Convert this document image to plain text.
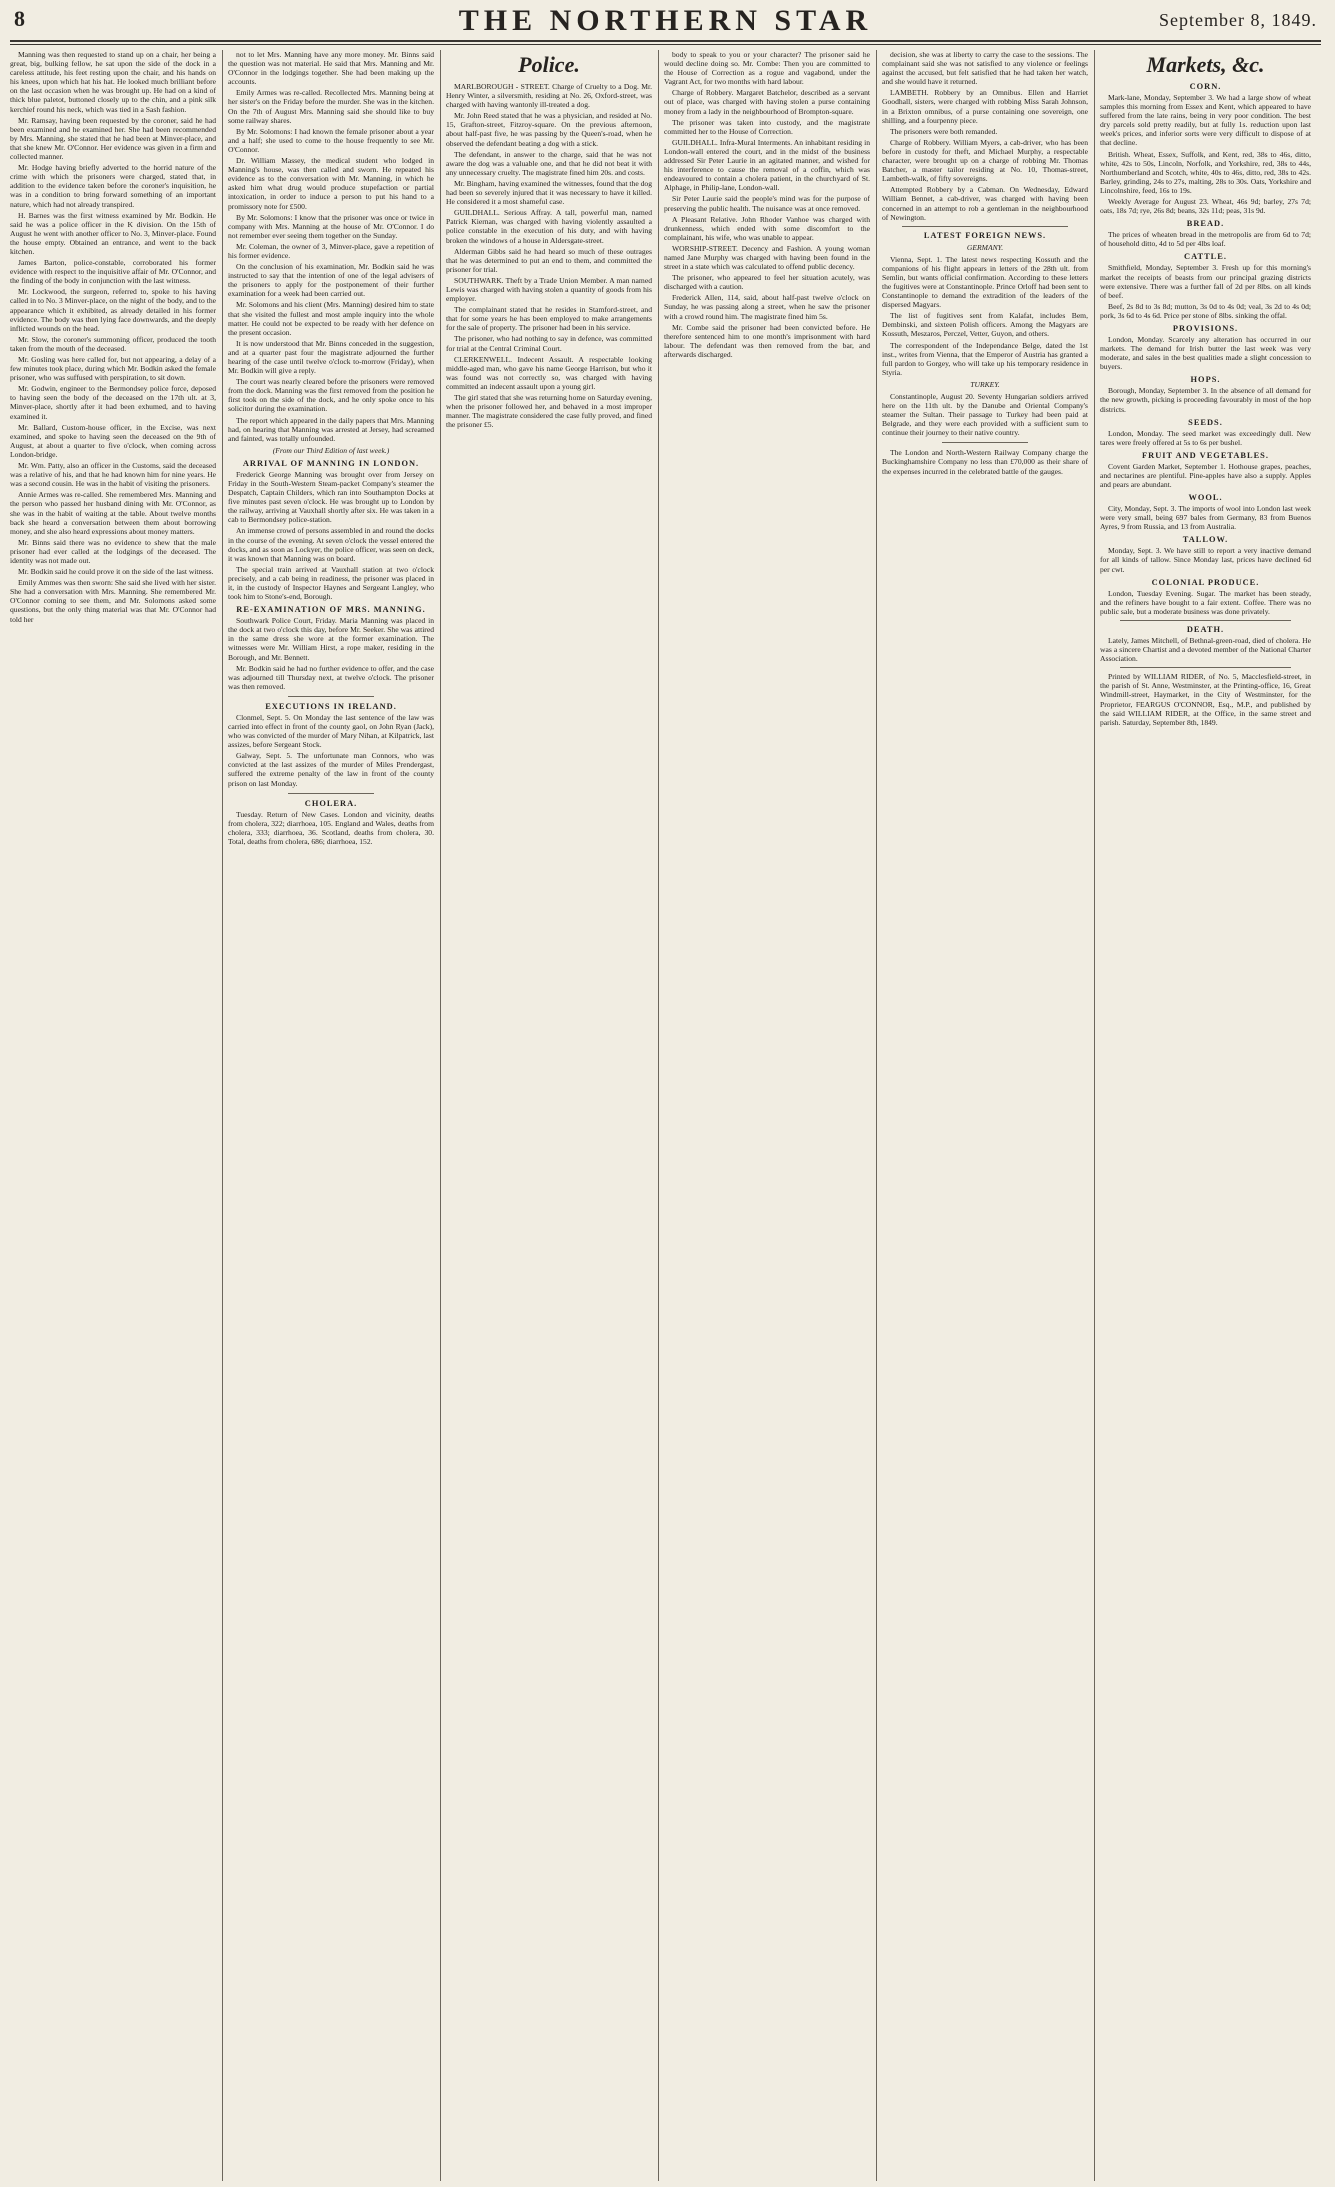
8	THE NORTHERN STAR	September 8, 1849.

Manning was then requested to stand up on a chair, her being a great, big, bulking fellow, he sat upon the side of the dock in a careless attitude, his feet resting upon the chair, and his hands on his knees, upon which hat his hat. He looked much brilliant before on the last occasion when he was brought up. He had on a kind of thick blue paletot, buttoned closely up to the chin, and a pink silk kerchief round his neck, which was tied in a Sash fashion.

Mr. Ramsay, having been requested by the coroner, said he had been examined and he examined her. She had been recommended by Mrs. Manning, she stated that he had been at Minver-place, and that she knew Mr. O'Connor. Her evidence was given in a firm and collected manner.

Mr. Hodge having briefly adverted to the horrid nature of the crime with which the prisoners were charged, stated that, in addition to the evidence taken before the coroner's inquisition, he was in a condition to bring forward something of an important nature, which had not already transpired.

H. Barnes was the first witness examined by Mr. Bodkin. He said he was a police officer in the K division. On the 15th of August he went with another officer to No. 3, Minver-place. Found the house empty. Obtained an entrance, and went to the back kitchen.

James Barton, police-constable, corroborated his former evidence with respect to the inquisitive affair of Mr. O'Connor, and the finding of the body in conjunction with the last witness.

Mr. Lockwood, the surgeon, referred to, spoke to his having called in to No. 3 Minver-place, on the night of the body, and to the appearance which it exhibited, as already detailed in his former evidence. The body was then lying face downwards, and the deeply inflicted wounds on the head.

Mr. Slow, the coroner's summoning officer, produced the tooth taken from the mouth of the deceased.

Mr. Gosling was here called for, but not appearing, a delay of a few minutes took place, during which Mr. Bodkin asked the female prisoner, who was suffused with perspiration, to sit down.

Mr. Godwin, engineer to the Bermondsey police force, deposed to having seen the body of the deceased on the 17th ult. at 3, Minver-place, shortly after it had been exhumed, and to having examined it.

Mr. Ballard, Custom-house officer, in the Excise, was next examined, and spoke to having seen the deceased on the 9th of August, at about a quarter to five o'clock, when coming across London-bridge.

Mr. Wm. Patty, also an officer in the Customs, said the deceased was a relative of his, and that he had known him for nine years. He was a second cousin. He was in the habit of visiting the prisoners.

Annie Armes was re-called. She remembered Mrs. Manning and the person who passed her husband dining with Mr. O'Connor, as she was in the habit of waiting at the table. About twelve months back she heard a conversation between them about borrowing money, and she also heard expressions about money matters.

Mr. Binns said there was no evidence to shew that the male prisoner had ever called at the lodgings of the deceased. The identity was not made out.

Mr. Bodkin said he could prove it on the side of the last witness.

Emily Ammes was then sworn: She said she lived with her sister. She had a conversation with Mrs. Manning. She remembered Mr. O'Connor coming to see them, and Mr. Solomons asked some questions, but the only thing material was that Mr. O'Connor had told her

not to let Mrs. Manning have any more money. Mr. Binns said the question was not material. He said that Mrs. Manning and Mr. O'Connor in the lodgings together. She had been making up the accounts.

Emily Armes was re-called. Recollected Mrs. Manning being at her sister's on the Friday before the murder. She was in the kitchen. On the 7th of August Mrs. Manning said she should like to buy some railway shares.

By Mr. Solomons: I had known the female prisoner about a year and a half; she used to come to the house frequently to see Mr. O'Connor.

Dr. William Massey, the medical student who lodged in Manning's house, was then called and sworn. He repeated his evidence as to the conversation with Mr. Manning, in which he asked him what drug would produce stupefaction or partial intoxication, in order to induce a person to put his hand to a promissory note for £500.

By Mr. Solomons: I know that the prisoner was once or twice in company with Mrs. Manning at the house of Mr. O'Connor. I do not remember ever seeing them together on the Sunday.

Mr. Coleman, the owner of 3, Minver-place, gave a repetition of his former evidence.

On the conclusion of his examination, Mr. Bodkin said he was instructed to say that the intention of one of the legal advisers of the prisoners to apply for the postponement of their further examination for a week had been carried out.

Mr. Solomons and his client (Mrs. Manning) desired him to state that she visited the fullest and most ample inquiry into the whole matter. He could not be expected to be ready with her defence on the present occasion.

It is now understood that Mr. Binns conceded in the suggestion, and at a quarter past four the magistrate adjourned the further hearing of the case until twelve o'clock to-morrow (Friday), when Mr. Bodkin will give a reply.

The court was nearly cleared before the prisoners were removed from the dock. Manning was the first removed from the position he first took on the side of the dock, and he only spoke once to his solicitor during the examination.

The report which appeared in the daily papers that Mrs. Manning had, on hearing that Manning was arrested at Jersey, had screamed and fainted, was totally unfounded.

(From our Third Edition of last week.)
ARRIVAL OF MANNING IN LONDON.

Frederick George Manning was brought over from Jersey on Friday in the South-Western Steam-packet Company's steamer the Despatch, Captain Childers, which ran into Southampton Docks at five minutes past seven o'clock. He was brought up to London by the railway, arriving at Vauxhall shortly after six. He was taken in a cab to Bermondsey police-station.

An immense crowd of persons assembled in and round the docks in the course of the evening. At seven o'clock the vessel entered the docks, and as soon as Lockyer, the police officer, was seen on deck, it was known that Manning was on board.

The special train arrived at Vauxhall station at two o'clock precisely, and a cab being in readiness, the prisoner was placed in it, in the custody of Inspector Haynes and Sergeant Langley, who took him to Stone's-end, Borough.

RE-EXAMINATION OF MRS. MANNING.

Southwark Police Court, Friday. Maria Manning was placed in the dock at two o'clock this day, before Mr. Seeker. She was attired in the same dress she wore at the former examination. The witnesses were Mr. William Hirst, a rope maker, residing in the Borough, and Mr. Bennett.

Mr. Bodkin said he had no further evidence to offer, and the case was adjourned till Thursday next, at twelve o'clock. The prisoner was then removed.

EXECUTIONS IN IRELAND.

Clonmel, Sept. 5. On Monday the last sentence of the law was carried into effect in front of the county gaol, on John Ryan (Jack), who was convicted of the murder of Mary Nihan, at Kilpatrick, last assizes, before Sergeant Stock.

Galway, Sept. 5. The unfortunate man Connors, who was convicted at the last assizes of the murder of Miles Prendergast, suffered the extreme penalty of the law in front of the county prison on last Monday.

CHOLERA.

Tuesday. Return of New Cases. London and vicinity, deaths from cholera, 322; diarrhoea, 105. England and Wales, deaths from cholera, 333; diarrhoea, 36. Scotland, deaths from cholera, 30. Total, deaths from cholera, 686; diarrhoea, 152.

Police.

MARLBOROUGH - STREET. Charge of Cruelty to a Dog. Mr. Henry Winter, a silversmith, residing at No. 26, Oxford-street, was charged with having wantonly ill-treated a dog.

Mr. John Reed stated that he was a physician, and resided at No. 15, Grafton-street, Fitzroy-square. On the previous afternoon, about half-past five, he was passing by the Queen's-road, when he observed the defendant beating a dog with a stick.

The defendant, in answer to the charge, said that he was not aware the dog was a valuable one, and that he did not beat it with any unnecessary cruelty. The magistrate fined him 20s. and costs.

Mr. Bingham, having examined the witnesses, found that the dog had been so severely injured that it was necessary to have it killed. He considered it a most shameful case.

GUILDHALL. Serious Affray. A tall, powerful man, named Patrick Kiernan, was charged with having violently assaulted a police constable in the execution of his duty, and with having broken the windows of a house in Aldersgate-street.

Alderman Gibbs said he had heard so much of these outrages that he was determined to put an end to them, and committed the prisoner for trial.

SOUTHWARK. Theft by a Trade Union Member. A man named Lewis was charged with having stolen a quantity of goods from his employer.

The complainant stated that he resides in Stamford-street, and that for some years he has been employed to make arrangements for the sale of property. The prisoner had been in his service.

The prisoner, who had nothing to say in defence, was committed for trial at the Central Criminal Court.

CLERKENWELL. Indecent Assault. A respectable looking middle-aged man, who gave his name George Harrison, but who it was found was not correctly so, was charged with having committed an indecent assault upon a young girl.

The girl stated that she was returning home on Saturday evening, when the prisoner followed her, and behaved in a most improper manner. The magistrate considered the case fully proved, and fined the prisoner £5.

body to speak to you or your character? The prisoner said he would decline doing so. Mr. Combe: Then you are committed to the House of Correction as a rogue and vagabond, under the Vagrant Act, for two months with hard labour.

Charge of Robbery. Margaret Batchelor, described as a servant out of place, was charged with having stolen a purse containing money from a lady in the neighbourhood of Brompton-square.

The prisoner was taken into custody, and the magistrate committed her to the House of Correction.

GUILDHALL. Infra-Mural Interments. An inhabitant residing in London-wall entered the court, and in the midst of the business addressed Sir Peter Laurie in an agitated manner, and wished for his interference to cause the removal of a coffin, which was endeavoured to contain a cholera patient, in the churchyard of St. Alphage, in Philip-lane, London-wall.

Sir Peter Laurie said the people's mind was for the purpose of preserving the public health. The nuisance was at once removed.

A Pleasant Relative. John Rhoder Vanhoe was charged with drunkenness, which ended with some discomfort to the complainant, his wife, who was unable to appear.

WORSHIP-STREET. Decency and Fashion. A young woman named Jane Murphy was charged with having been found in the street in a state which was calculated to offend public decency.

The prisoner, who appeared to feel her situation acutely, was discharged with a caution.

Frederick Allen, 114, said, about half-past twelve o'clock on Sunday, he was passing along a street, when he saw the prisoner with a crowd round him. The magistrate fined him 5s.

Mr. Combe said the prisoner had been convicted before. He therefore sentenced him to one month's imprisonment with hard labour. The defendant was then removed from the bar, and afterwards discharged.

decision, she was at liberty to carry the case to the sessions. The complainant said she was not satisfied to any violence or feelings against the accused, but felt satisfied that he had taken her watch, and she would have it returned.

LAMBETH. Robbery by an Omnibus. Ellen and Harriet Goodhall, sisters, were charged with robbing Miss Sarah Johnson, in a Brixton omnibus, of a purse containing one sovereign, one shilling, and a fourpenny piece.

The prisoners were both remanded.

Charge of Robbery. William Myers, a cab-driver, who has been before in custody for theft, and Michael Murphy, a respectable character, were brought up on a charge of robbing Mr. Thomas Batcher, a master tailor residing at No. 10, Thomas-street, Lambeth-walk, of fifty sovereigns.

Attempted Robbery by a Cabman. On Wednesday, Edward William Bennet, a cab-driver, was charged with having been concerned in an attempt to rob a gentleman in the neighbourhood of Newington.

LATEST FOREIGN NEWS.
GERMANY.

Vienna, Sept. 1. The latest news respecting Kossuth and the companions of his flight appears in letters of the 28th ult. from Semlin, but wants official confirmation. According to these letters the fugitives were at Constantinople. Prince Orloff had been sent to Constantinople to demand the extradition of the leaders of the dispersed Magyars.

The list of fugitives sent from Kalafat, includes Bem, Dembinski, and sixteen Polish officers. Among the Magyars are Kossuth, Meszaros, Perczel, Vetter, Guyon, and others.

The correspondent of the Independance Belge, dated the 1st inst., writes from Vienna, that the Emperor of Austria has granted a full pardon to Gorgey, who will take up his temporary residence in Styria.

TURKEY.

Constantinople, August 20. Seventy Hungarian soldiers arrived here on the 11th ult. by the Danube and Oriental Company's steamer the Sultan. Their passage to Turkey had been paid at Belgrade, and they were each provided with a sufficient sum to continue their journey to their native country.

The London and North-Western Railway Company charge the Buckinghamshire Company no less than £70,000 as their share of the expenses incurred in the celebrated battle of the gauges.

Markets, &c.
CORN.

Mark-lane, Monday, September 3. We had a large show of wheat samples this morning from Essex and Kent, which appeared to have suffered from the late rains, being in very poor condition. The best dry parcels sold pretty readily, but at fully 1s. reduction upon last week's prices, and inferior sorts were very difficult to dispose of at that decline.

British. Wheat, Essex, Suffolk, and Kent, red, 38s to 46s, ditto, white, 42s to 50s, Lincoln, Norfolk, and Yorkshire, red, 38s to 44s, Northumberland and Scotch, white, 40s to 46s, ditto, red, 38s to 42s. Barley, grinding, 24s to 27s, malting, 28s to 30s. Oats, Yorkshire and Lincolnshire, feed, 16s to 19s.

Weekly Average for August 23. Wheat, 46s 9d; barley, 27s 7d; oats, 18s 7d; rye, 26s 8d; beans, 32s 11d; peas, 31s 9d.

BREAD.

The prices of wheaten bread in the metropolis are from 6d to 7d; of household ditto, 4d to 5d per 4lbs loaf.

CATTLE.

Smithfield, Monday, September 3. Fresh up for this morning's market the receipts of beasts from our principal grazing districts were extensive. There was a further fall of 2d per 8lbs. on all kinds of beef.

Beef, 2s 8d to 3s 8d; mutton, 3s 0d to 4s 0d; veal, 3s 2d to 4s 0d; pork, 3s 6d to 4s 6d. Price per stone of 8lbs. sinking the offal.

PROVISIONS.

London, Monday. Scarcely any alteration has occurred in our markets. The demand for Irish butter the last week was very moderate, and sales in the best qualities made a slight concession to buyers.

HOPS.

Borough, Monday, September 3. In the absence of all demand for the new growth, picking is proceeding favourably in most of the hop districts.

SEEDS.

London, Monday. The seed market was exceedingly dull. New tares were freely offered at 5s to 6s per bushel.

FRUIT AND VEGETABLES.

Covent Garden Market, September 1. Hothouse grapes, peaches, and nectarines are plentiful. Pine-apples have also a supply. Apples and pears are abundant.

WOOL.

City, Monday, Sept. 3. The imports of wool into London last week were very small, being 697 bales from Germany, 83 from Buenos Ayres, 9 from Russia, and 13 from Australia.

TALLOW.

Monday, Sept. 3. We have still to report a very inactive demand for all kinds of tallow. Since Monday last, prices have declined 6d per cwt.

COLONIAL PRODUCE.

London, Tuesday Evening. Sugar. The market has been steady, and the refiners have bought to a fair extent. Coffee. There was no public sale, but a moderate business was done privately.

DEATH.

Lately, James Mitchell, of Bethnal-green-road, died of cholera. He was a sincere Chartist and a devoted member of the National Charter Association.

Printed by WILLIAM RIDER, of No. 5, Macclesfield-street, in the parish of St. Anne, Westminster, at the Printing-office, 16, Great Windmill-street, Haymarket, in the City of Westminster, for the Proprietor, FEARGUS O'CONNOR, Esq., M.P., and published by the said WILLIAM RIDER, at the Office, in the same street and parish. Saturday, September 8th, 1849.
